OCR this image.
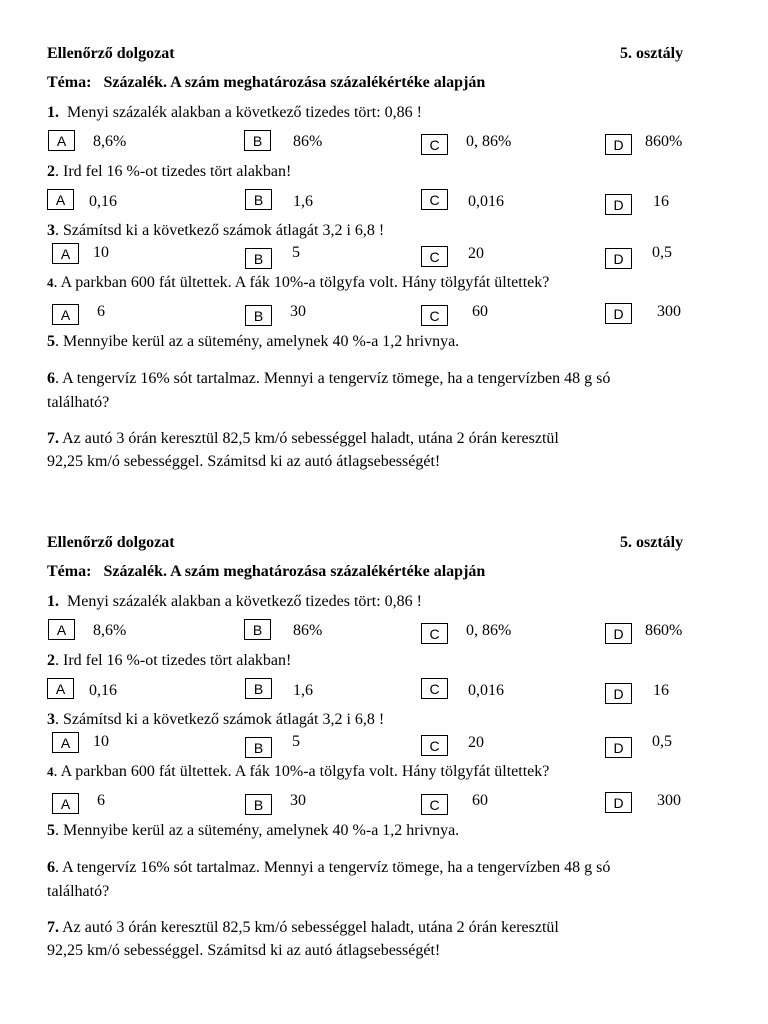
Ellenőrző dolgozat	5. osztály
Téma: Százalék. A szám meghatározása százalékértéke alapján
1. Menyi százalék alakban a következő tizedes tört: 0,86 !
A	8,6%	B	86%	C	0, 86%	D	860%
2. Ird fel 16 %-ot tizedes tört alakban!
A	0,16	B	1,6	C	0,016	D	16
3. Számítsd ki a következő számok átlagát 3,2 i 6,8 !
A	10	B	5	C	20	D	0,5
4. A parkban 600 fát ültettek. A fák 10%-a tölgyfa volt. Hány tölgyfát ültettek?
A	6	B	30	C	60	D	300
5. Mennyibe kerül az a sütemény, amelynek 40 %-a 1,2 hrivnya.
6. A tengervíz 16% sót tartalmaz. Mennyi a tengervíz tömege, ha a tengervízben 48 g só
található?
7. Az autó 3 órán keresztül 82,5 km/ó sebességgel haladt, utána 2 órán keresztül
92,25 km/ó sebességgel. Számitsd ki az autó átlagsebességét!
Ellenőrző dolgozat	5. osztály
Téma: Százalék. A szám meghatározása százalékértéke alapján
1. Menyi százalék alakban a következő tizedes tört: 0,86 !
A	8,6%	B	86%	C	0, 86%	D	860%
2. Ird fel 16 %-ot tizedes tört alakban!
A	0,16	B	1,6	C	0,016	D	16
3. Számítsd ki a következő számok átlagát 3,2 i 6,8 !
A	10	B	5	C	20	D	0,5
4. A parkban 600 fát ültettek. A fák 10%-a tölgyfa volt. Hány tölgyfát ültettek?
A	6	B	30	C	60	D	300
5. Mennyibe kerül az a sütemény, amelynek 40 %-a 1,2 hrivnya.
6. A tengervíz 16% sót tartalmaz. Mennyi a tengervíz tömege, ha a tengervízben 48 g só
található?
7. Az autó 3 órán keresztül 82,5 km/ó sebességgel haladt, utána 2 órán keresztül
92,25 km/ó sebességgel. Számitsd ki az autó átlagsebességét!
